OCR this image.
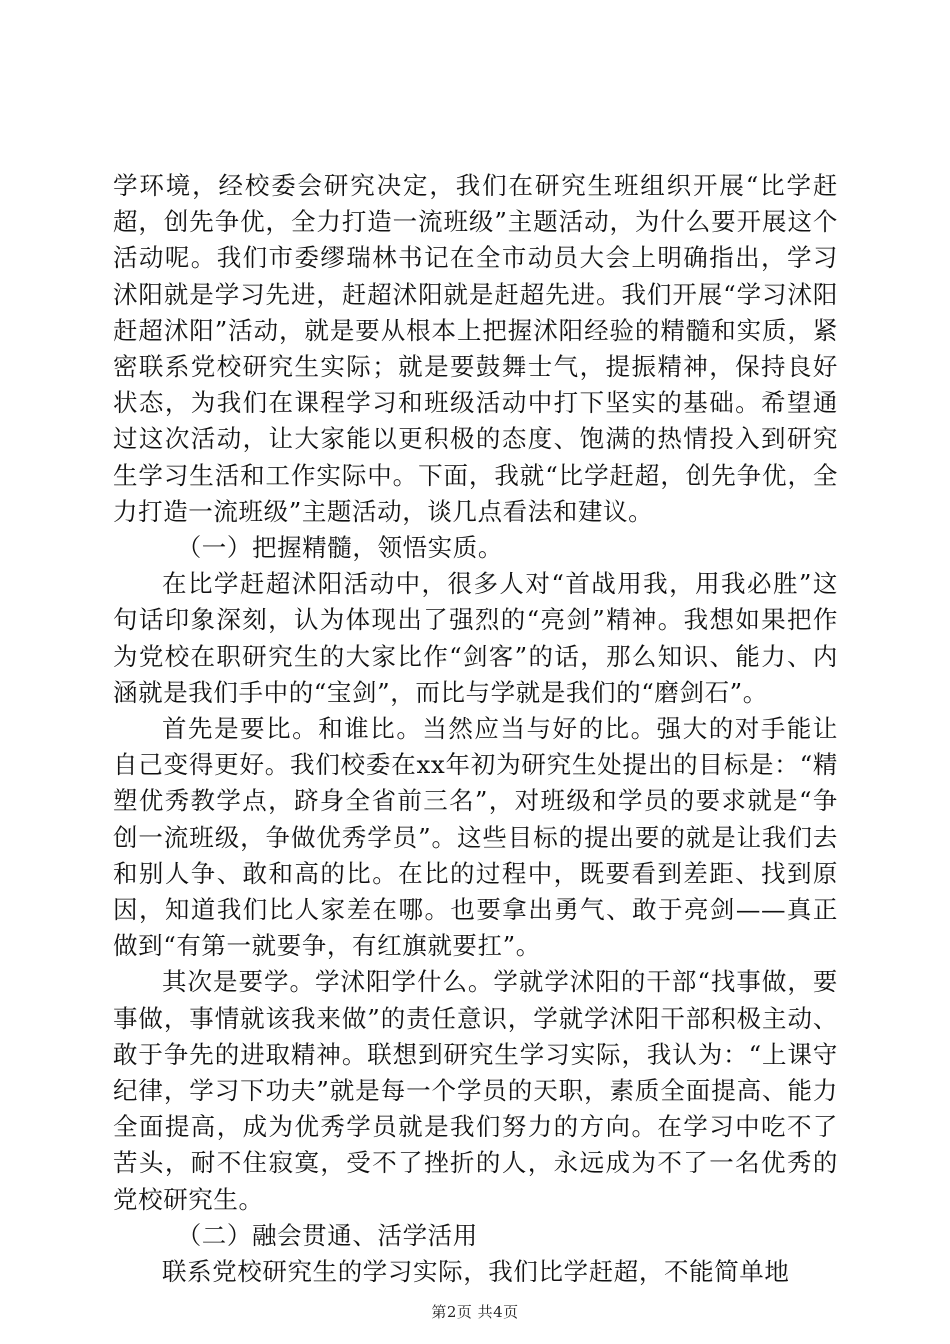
学环境，经校委会研究决定，我们在研究生班组织开展“比学赶超，创先争优，全力打造一流班级”主题活动，为什么要开展这个活动呢。我们市委缪瑞林书记在全市动员大会上明确指出，学习沭阳就是学习先进，赶超沭阳就是赶超先进。我们开展“学习沭阳赶超沭阳”活动，就是要从根本上把握沭阳经验的精髓和实质，紧密联系党校研究生实际；就是要鼓舞士气，提振精神，保持良好状态，为我们在课程学习和班级活动中打下坚实的基础。希望通过这次活动，让大家能以更积极的态度、饱满的热情投入到研究生学习生活和工作实际中。下面，我就“比学赶超，创先争优，全力打造一流班级”主题活动，谈几点看法和建议。

（一）把握精髓，领悟实质。

在比学赶超沭阳活动中，很多人对“首战用我，用我必胜”这句话印象深刻，认为体现出了强烈的“亮剑”精神。我想如果把作为党校在职研究生的大家比作“剑客”的话，那么知识、能力、内涵就是我们手中的“宝剑”，而比与学就是我们的“磨剑石”。

首先是要比。和谁比。当然应当与好的比。强大的对手能让自己变得更好。我们校委在xx年初为研究生处提出的目标是：“精塑优秀教学点，跻身全省前三名”，对班级和学员的要求就是“争创一流班级，争做优秀学员”。这些目标的提出要的就是让我们去和别人争、敢和高的比。在比的过程中，既要看到差距、找到原因，知道我们比人家差在哪。也要拿出勇气、敢于亮剑——真正做到“有第一就要争，有红旗就要扛”。

其次是要学。学沭阳学什么。学就学沭阳的干部“找事做，要事做，事情就该我来做”的责任意识，学就学沭阳干部积极主动、敢于争先的进取精神。联想到研究生学习实际，我认为：“上课守纪律，学习下功夫”就是每一个学员的天职，素质全面提高、能力全面提高，成为优秀学员就是我们努力的方向。在学习中吃不了苦头，耐不住寂寞，受不了挫折的人，永远成为不了一名优秀的党校研究生。

（二）融会贯通、活学活用

联系党校研究生的学习实际，我们比学赶超，不能简单地

第2页 共4页
